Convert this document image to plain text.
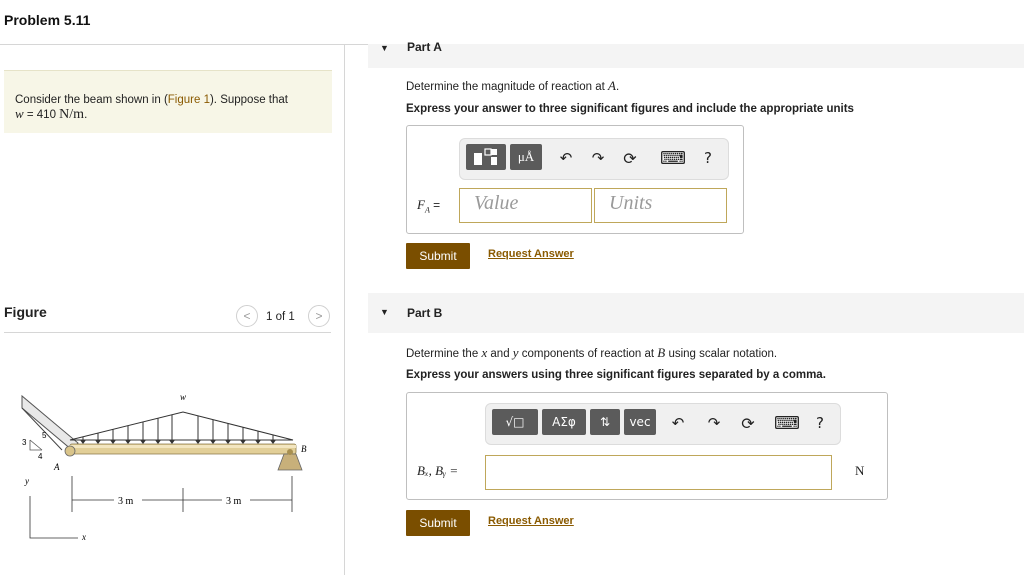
Problem 5.11
Consider the beam shown in (Figure 1). Suppose that
w = 410 N/m.
Figure	<	1 of 1	>
3
5
4
w
A
B
3 m	3 m
y
x
▼ Part A
Determine the magnitude of reaction at A.
Express your answer to three significant figures and include the appropriate units
μÅ	↶ ↷ ⟳ ⌨	?
$F_A$ =	Value	Units
Submit	Request Answer
▼ Part B
Determine the x and y components of reaction at B using scalar notation.
Express your answers using three significant figures separated by a comma.
√□	ΑΣφ	⇅	vec	↶ ↷ ⟳ ⌨	?
Bₓ, Bᵧ =	N
Submit	Request Answer
